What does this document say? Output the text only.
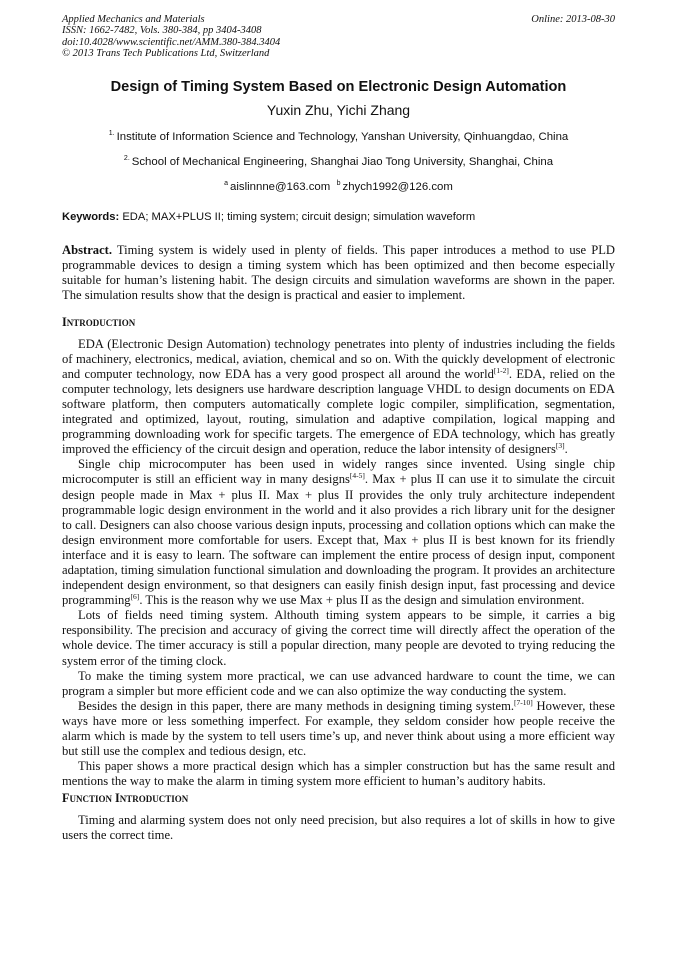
Applied Mechanics and Materials
ISSN: 1662-7482, Vols. 380-384, pp 3404-3408
doi:10.4028/www.scientific.net/AMM.380-384.3404
© 2013 Trans Tech Publications Ltd, Switzerland
Online: 2013-08-30
Design of Timing System Based on Electronic Design Automation
Yuxin Zhu, Yichi Zhang
$^{1.}$ Institute of Information Science and Technology, Yanshan University, Qinhuangdao, China
$^{2.}$ School of Mechanical Engineering, Shanghai Jiao Tong University, Shanghai, China
$^a$ aislinnne@163.com $^b$ zhych1992@126.com
Keywords: EDA; MAX+PLUS II; timing system; circuit design; simulation waveform
Abstract. Timing system is widely used in plenty of fields. This paper introduces a method to use PLD programmable devices to design a timing system which has been optimized and then become especially suitable for human’s listening habit. The design circuits and simulation waveforms are shown in the paper. The simulation results show that the design is practical and easier to implement.
Introduction

EDA (Electronic Design Automation) technology penetrates into plenty of industries including the fields of machinery, electronics, medical, aviation, chemical and so on. With the quickly development of electronic and computer technology, now EDA has a very good prospect all around the world[1-2]. EDA, relied on the computer technology, lets designers use hardware description language VHDL to design documents on EDA software platform, then computers automatically complete logic compiler, simplification, segmentation, integrated and optimized, layout, routing, simulation and adaptive compilation, logical mapping and programming downloading work for specific targets. The emergence of EDA technology, which has greatly improved the efficiency of the circuit design and operation, reduce the labor intensity of designers[3].

Single chip microcomputer has been used in widely ranges since invented. Using single chip microcomputer is still an efficient way in many designs[4-5]. Max + plus II can use it to simulate the circuit design people made in Max + plus II. Max + plus II provides the only truly architecture independent programmable logic design environment in the world and it also provides a rich library unit for the designer to call. Designers can also choose various design inputs, processing and collation options which can make the design environment more comfortable for users. Except that, Max + plus II is best known for its friendly interface and it is easy to learn. The software can implement the entire process of design input, component adaptation, timing simulation functional simulation and downloading the program. It provides an architecture independent design environment, so that designers can easily finish design input, fast processing and device programming[6]. This is the reason why we use Max + plus II as the design and simulation environment.

Lots of fields need timing system. Althouth timing system appears to be simple, it carries a big responsibility. The precision and accuracy of giving the correct time will directly affect the operation of the whole device. The timer accuracy is still a popular direction, many people are devoted to trying reducing the system error of the timing clock.

To make the timing system more practical, we can use advanced hardware to count the time, we can program a simpler but more efficient code and we can also optimize the way conducting the system.

Besides the design in this paper, there are many methods in designing timing system.[7-10] However, these ways have more or less something imperfect. For example, they seldom consider how people receive the alarm which is made by the system to tell users time’s up, and never think about using a more efficient way but still use the complex and tedious design, etc.

This paper shows a more practical design which has a simpler construction but has the same result and mentions the way to make the alarm in timing system more efficient to human’s auditory habits.

Function Introduction

Timing and alarming system does not only need precision, but also requires a lot of skills in how to give users the correct time.
